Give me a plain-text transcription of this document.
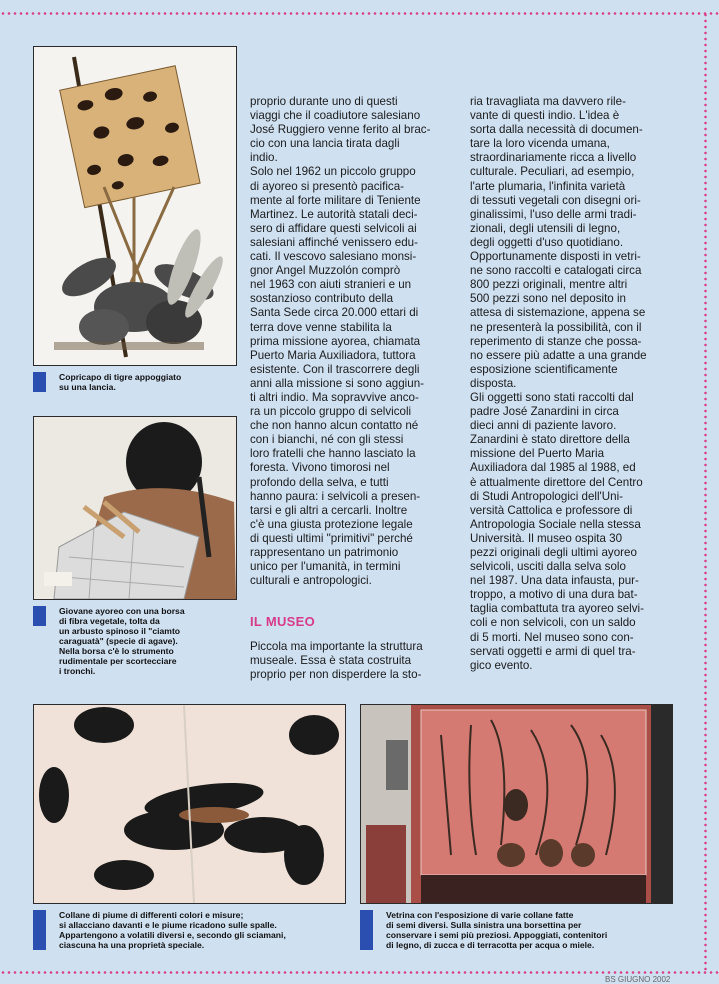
Copricapo di tigre appoggiato
su una lancia.
Giovane ayoreo con una borsa
di fibra vegetale, tolta da
un arbusto spinoso il "ciamto
caraguatà" (specie di agave).
Nella borsa c'è lo strumento
rudimentale per scortecciare
i tronchi.
proprio durante uno di questi
viaggi che il coadiutore salesiano
José Ruggiero venne ferito al brac-
cio con una lancia tirata dagli
indio.
Solo nel 1962 un piccolo gruppo
di ayoreo si presentò pacifica-
mente al forte militare di Teniente
Martinez. Le autorità statali deci-
sero di affidare questi selvicoli ai
salesiani affinché venissero edu-
cati. Il vescovo salesiano monsi-
gnor Angel Muzzolón comprò
nel 1963 con aiuti stranieri e un
sostanzioso contributo della
Santa Sede circa 20.000 ettari di
terra dove venne stabilita la
prima missione ayorea, chiamata
Puerto Maria Auxiliadora, tuttora
esistente. Con il trascorrere degli
anni alla missione si sono aggiun-
ti altri indio. Ma sopravvive anco-
ra un piccolo gruppo di selvicoli
che non hanno alcun contatto né
con i bianchi, né con gli stessi
loro fratelli che hanno lasciato la
foresta. Vivono timorosi nel
profondo della selva, e tutti
hanno paura: i selvicoli a presen-
tarsi e gli altri a cercarli. Inoltre
c'è una giusta protezione legale
di questi ultimi "primitivi" perché
rappresentano un patrimonio
unico per l'umanità, in termini
culturali e antropologici.
IL MUSEO
Piccola ma importante la struttura
museale. Essa è stata costruita
proprio per non disperdere la sto-
ria travagliata ma davvero rile-
vante di questi indio. L'idea è
sorta dalla necessità di documen-
tare la loro vicenda umana,
straordinariamente ricca a livello
culturale. Peculiari, ad esempio,
l'arte plumaria, l'infinita varietà
di tessuti vegetali con disegni ori-
ginalissimi, l'uso delle armi tradi-
zionali, degli utensili di legno,
degli oggetti d'uso quotidiano.
Opportunamente disposti in vetri-
ne sono raccolti e catalogati circa
800 pezzi originali, mentre altri
500 pezzi sono nel deposito in
attesa di sistemazione, appena se
ne presenterà la possibilità, con il
reperimento di stanze che possa-
no essere più adatte a una grande
esposizione scientificamente
disposta.
Gli oggetti sono stati raccolti dal
padre José Zanardini in circa
dieci anni di paziente lavoro.
Zanardini è stato direttore della
missione del Puerto Maria
Auxiliadora dal 1985 al 1988, ed
è attualmente direttore del Centro
di Studi Antropologici dell'Uni-
versità Cattolica e professore di
Antropologia Sociale nella stessa
Università. Il museo ospita 30
pezzi originali degli ultimi ayoreo
selvicoli, usciti dalla selva solo
nel 1987. Una data infausta, pur-
troppo, a motivo di una dura bat-
taglia combattuta tra ayoreo selvi-
coli e non selvicoli, con un saldo
di 5 morti. Nel museo sono con-
servati oggetti e armi di quel tra-
gico evento.
Collane di piume di differenti colori e misure;
si allacciano davanti e le piume ricadono sulle spalle.
Appartengono a volatili diversi e, secondo gli sciamani,
ciascuna ha una proprietà speciale.
Vetrina con l'esposizione di varie collane fatte
di semi diversi. Sulla sinistra una borsettina per
conservare i semi più preziosi. Appoggiati, contenitori
di legno, di zucca e di terracotta per acqua o miele.
BS GIUGNO 2002
